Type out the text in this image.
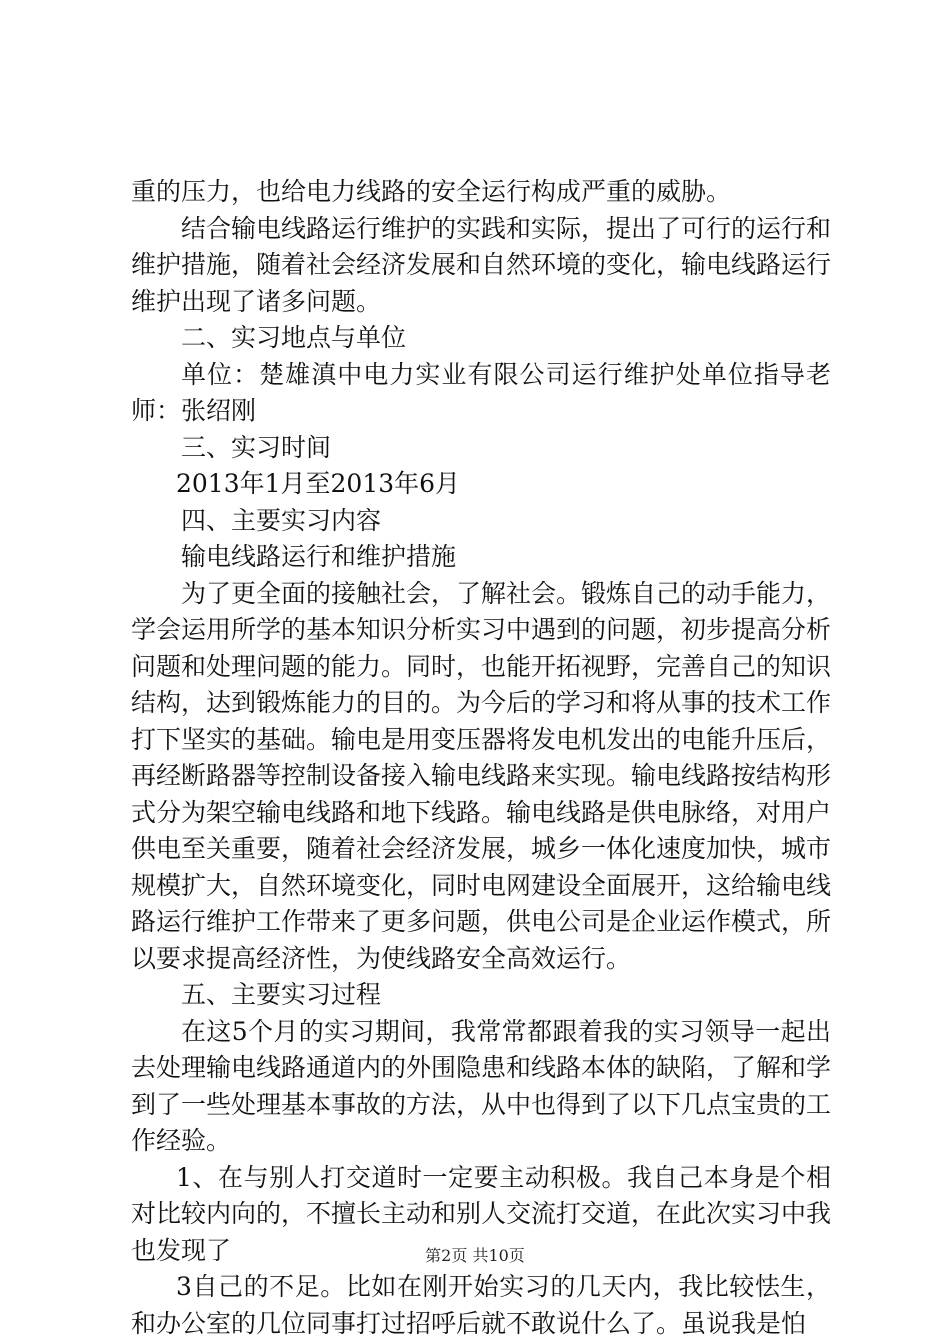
重的压力，也给电力线路的安全运行构成严重的威胁。

结合输电线路运行维护的实践和实际，提出了可行的运行和维护措施，随着社会经济发展和自然环境的变化，输电线路运行维护出现了诸多问题。

二、实习地点与单位

单位：楚雄滇中电力实业有限公司运行维护处单位指导老师：张绍刚

三、实习时间

2013年1月至2013年6月

四、主要实习内容

输电线路运行和维护措施

为了更全面的接触社会，了解社会。锻炼自己的动手能力，学会运用所学的基本知识分析实习中遇到的问题，初步提高分析问题和处理问题的能力。同时，也能开拓视野，完善自己的知识结构，达到锻炼能力的目的。为今后的学习和将从事的技术工作打下坚实的基础。输电是用变压器将发电机发出的电能升压后，再经断路器等控制设备接入输电线路来实现。输电线路按结构形式分为架空输电线路和地下线路。输电线路是供电脉络，对用户供电至关重要，随着社会经济发展，城乡一体化速度加快，城市规模扩大，自然环境变化，同时电网建设全面展开，这给输电线路运行维护工作带来了更多问题，供电公司是企业运作模式，所以要求提高经济性，为使线路安全高效运行。

五、主要实习过程

在这5个月的实习期间，我常常都跟着我的实习领导一起出去处理输电线路通道内的外围隐患和线路本体的缺陷，了解和学到了一些处理基本事故的方法，从中也得到了以下几点宝贵的工作经验。

1、在与别人打交道时一定要主动积极。我自己本身是个相对比较内向的，不擅长主动和别人交流打交道，在此次实习中我也发现了

3自己的不足。比如在刚开始实习的几天内，我比较怯生，和办公室的几位同事打过招呼后就不敢说什么了。虽说我是怕

第2页 共10页
